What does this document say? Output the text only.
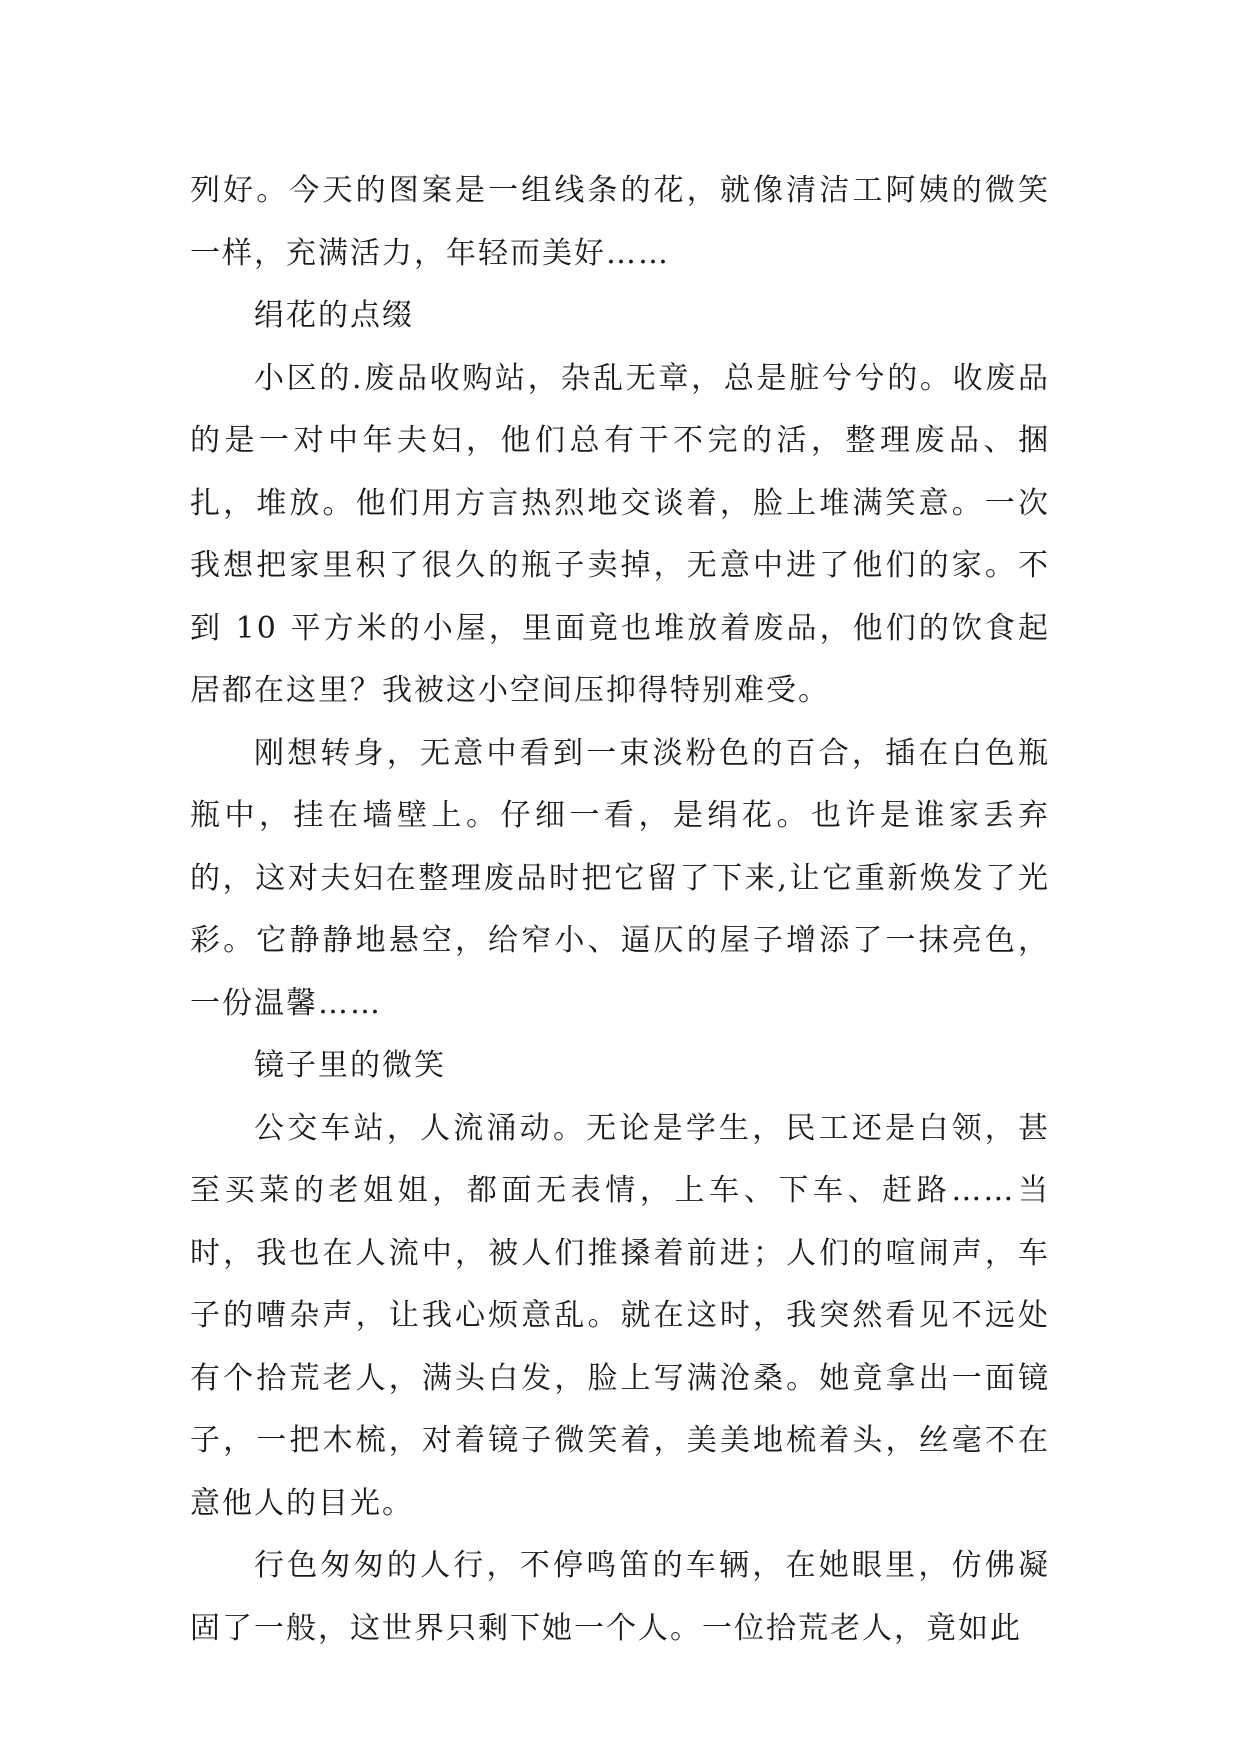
列好。今天的图案是一组线条的花，就像清洁工阿姨的微笑一样，充满活力，年轻而美好……

绢花的点缀

小区的.废品收购站，杂乱无章，总是脏兮兮的。收废品的是一对中年夫妇，他们总有干不完的活，整理废品、捆扎，堆放。他们用方言热烈地交谈着，脸上堆满笑意。一次我想把家里积了很久的瓶子卖掉，无意中进了他们的家。不到 10 平方米的小屋，里面竟也堆放着废品，他们的饮食起居都在这里？我被这小空间压抑得特别难受。

刚想转身，无意中看到一束淡粉色的百合，插在白色瓶瓶中，挂在墙壁上。仔细一看，是绢花。也许是谁家丢弃的，这对夫妇在整理废品时把它留了下来,让它重新焕发了光彩。它静静地悬空，给窄小、逼仄的屋子增添了一抹亮色，一份温馨……

镜子里的微笑

公交车站，人流涌动。无论是学生，民工还是白领，甚至买菜的老姐姐，都面无表情，上车、下车、赶路……当时，我也在人流中，被人们推搡着前进；人们的喧闹声，车子的嘈杂声，让我心烦意乱。就在这时，我突然看见不远处有个拾荒老人，满头白发，脸上写满沧桑。她竟拿出一面镜子，一把木梳，对着镜子微笑着，美美地梳着头，丝毫不在意他人的目光。

行色匆匆的人行，不停鸣笛的车辆，在她眼里，仿佛凝固了一般，这世界只剩下她一个人。一位拾荒老人，竟如此
